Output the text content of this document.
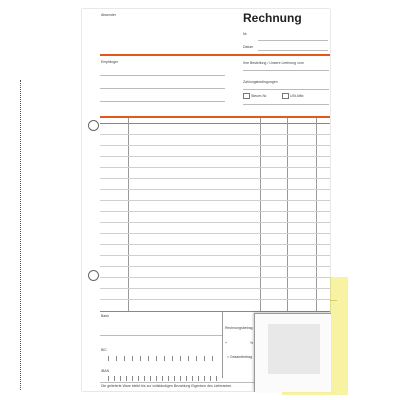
Absender	Rechnung
Nr.
Datum
Empfänger	Ihre Bestellung / Unsere Lieferung vom
Zahlungsbedingungen
Steuer-Nr.	USt-IdNr.
Bank
Rechnungsbetrag
+	%
= Gesamtbetrag
BIC
IBAN
Die gelieferte Ware bleibt bis zur vollständigen Bezahlung Eigentum des Lieferanten.
